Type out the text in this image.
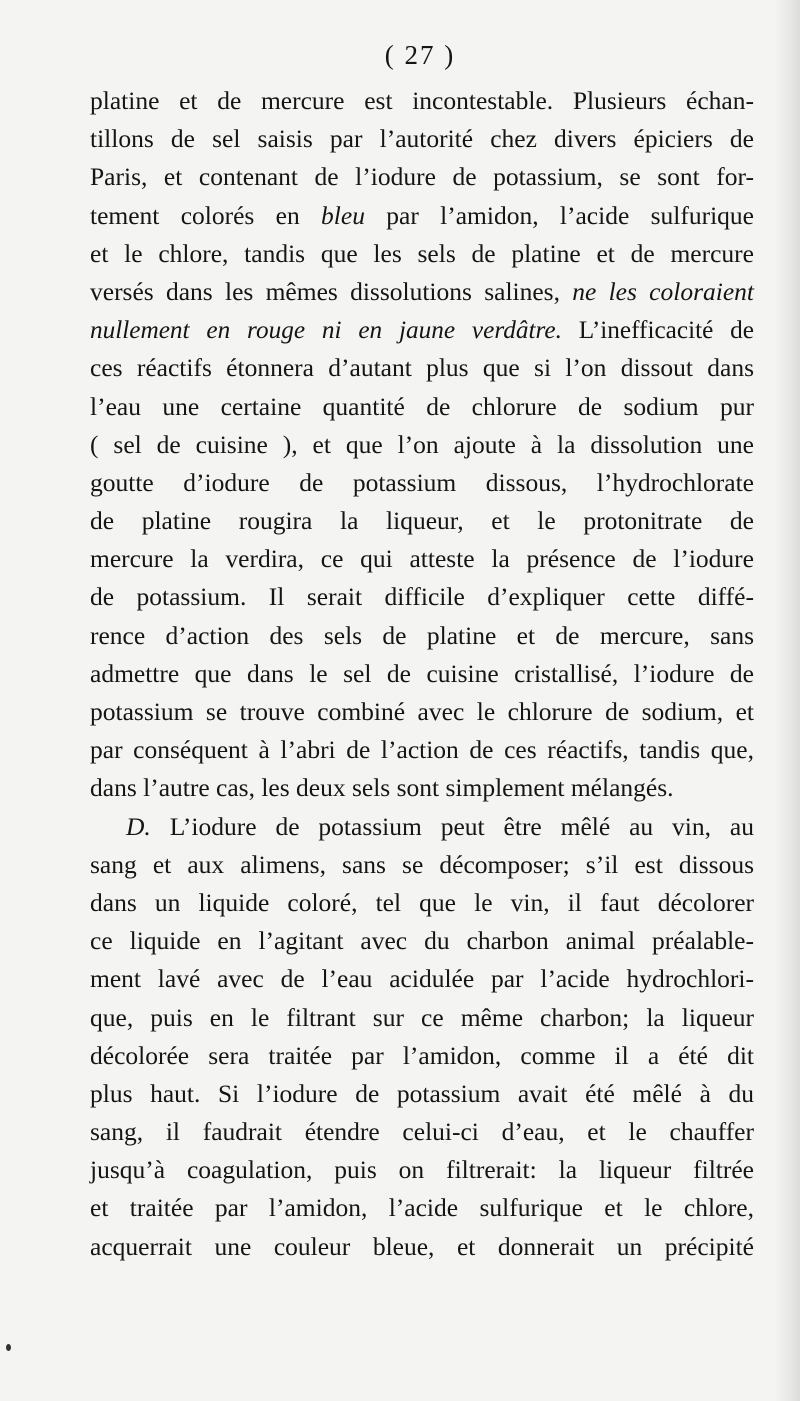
( 27 )
platine et de mercure est incontestable. Plusieurs échan-
tillons de sel saisis par l’autorité chez divers épiciers de
Paris, et contenant de l’iodure de potassium, se sont for-
tement colorés en bleu par l’amidon, l’acide sulfurique
et le chlore, tandis que les sels de platine et de mercure
versés dans les mêmes dissolutions salines, ne les coloraient
nullement en rouge ni en jaune verdâtre. L’inefficacité de
ces réactifs étonnera d’autant plus que si l’on dissout dans
l’eau une certaine quantité de chlorure de sodium pur
( sel de cuisine ), et que l’on ajoute à la dissolution une
goutte d’iodure de potassium dissous, l’hydrochlorate
de platine rougira la liqueur, et le protonitrate de
mercure la verdira, ce qui atteste la présence de l’iodure
de potassium. Il serait difficile d’expliquer cette diffé-
rence d’action des sels de platine et de mercure, sans
admettre que dans le sel de cuisine cristallisé, l’iodure de
potassium se trouve combiné avec le chlorure de sodium, et
par conséquent à l’abri de l’action de ces réactifs, tandis que,
dans l’autre cas, les deux sels sont simplement mélangés.
D. L’iodure de potassium peut être mêlé au vin, au
sang et aux alimens, sans se décomposer; s’il est dissous
dans un liquide coloré, tel que le vin, il faut décolorer
ce liquide en l’agitant avec du charbon animal préalable-
ment lavé avec de l’eau acidulée par l’acide hydrochlori-
que, puis en le filtrant sur ce même charbon; la liqueur
décolorée sera traitée par l’amidon, comme il a été dit
plus haut. Si l’iodure de potassium avait été mêlé à du
sang, il faudrait étendre celui-ci d’eau, et le chauffer
jusqu’à coagulation, puis on filtrerait: la liqueur filtrée
et traitée par l’amidon, l’acide sulfurique et le chlore,
acquerrait une couleur bleue, et donnerait un précipité
